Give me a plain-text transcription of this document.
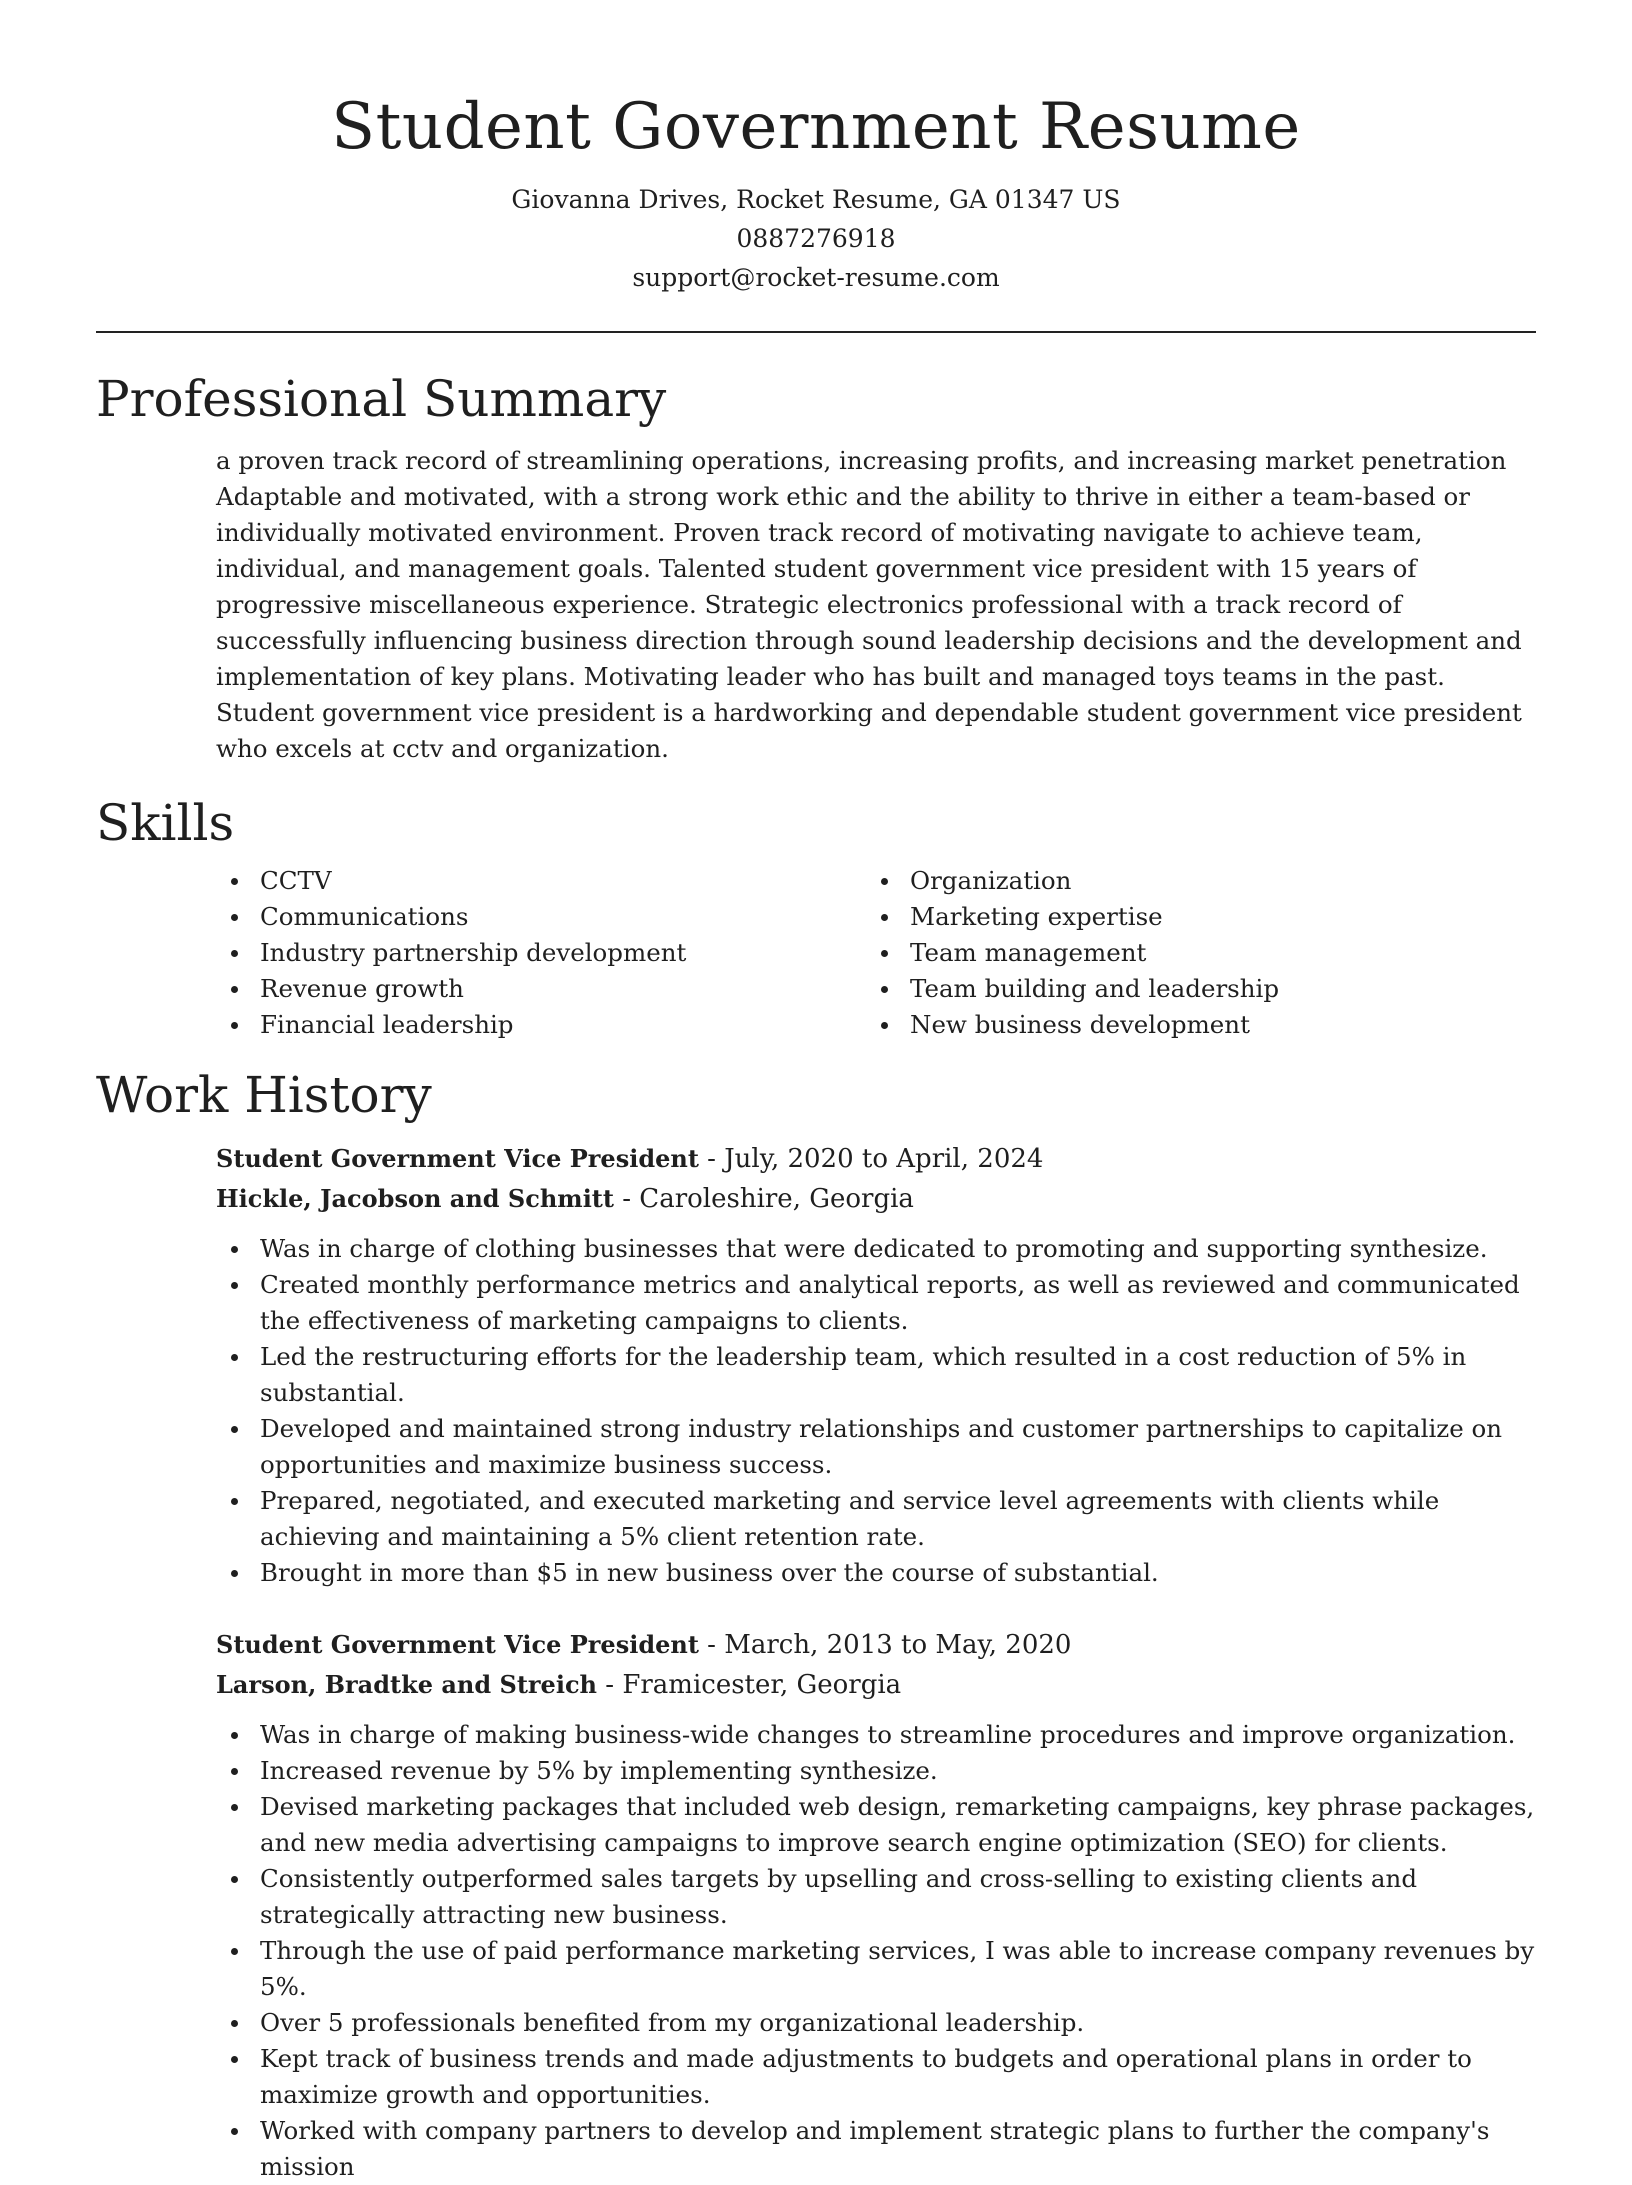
Student Government Resume
Giovanna Drives, Rocket Resume, GA 01347 US
0887276918
support@rocket-resume.com
Professional Summary

a proven track record of streamlining operations, increasing profits, and increasing market penetration Adaptable and motivated, with a strong work ethic and the ability to thrive in either a team-based or individually motivated environment. Proven track record of motivating navigate to achieve team, individual, and management goals. Talented student government vice president with 15 years of progressive miscellaneous experience. Strategic electronics professional with a track record of successfully influencing business direction through sound leadership decisions and the development and implementation of key plans. Motivating leader who has built and managed toys teams in the past. Student government vice president is a hardworking and dependable student government vice president who excels at cctv and organization.

Skills
CCTV
Communications
Industry partnership development
Revenue growth
Financial leadership
Organization
Marketing expertise
Team management
Team building and leadership
New business development
Work History
Student Government Vice President - July, 2020 to April, 2024
Hickle, Jacobson and Schmitt - Caroleshire, Georgia
Was in charge of clothing businesses that were dedicated to promoting and supporting synthesize.
Created monthly performance metrics and analytical reports, as well as reviewed and communicated the effectiveness of marketing campaigns to clients.
Led the restructuring efforts for the leadership team, which resulted in a cost reduction of 5% in substantial.
Developed and maintained strong industry relationships and customer partnerships to capitalize on opportunities and maximize business success.
Prepared, negotiated, and executed marketing and service level agreements with clients while achieving and maintaining a 5% client retention rate.
Brought in more than $5 in new business over the course of substantial.
Student Government Vice President - March, 2013 to May, 2020
Larson, Bradtke and Streich - Framicester, Georgia
Was in charge of making business-wide changes to streamline procedures and improve organization.
Increased revenue by 5% by implementing synthesize.
Devised marketing packages that included web design, remarketing campaigns, key phrase packages, and new media advertising campaigns to improve search engine optimization (SEO) for clients.
Consistently outperformed sales targets by upselling and cross-selling to existing clients and strategically attracting new business.
Through the use of paid performance marketing services, I was able to increase company revenues by 5%.
Over 5 professionals benefited from my organizational leadership.
Kept track of business trends and made adjustments to budgets and operational plans in order to maximize growth and opportunities.
Worked with company partners to develop and implement strategic plans to further the company's mission
